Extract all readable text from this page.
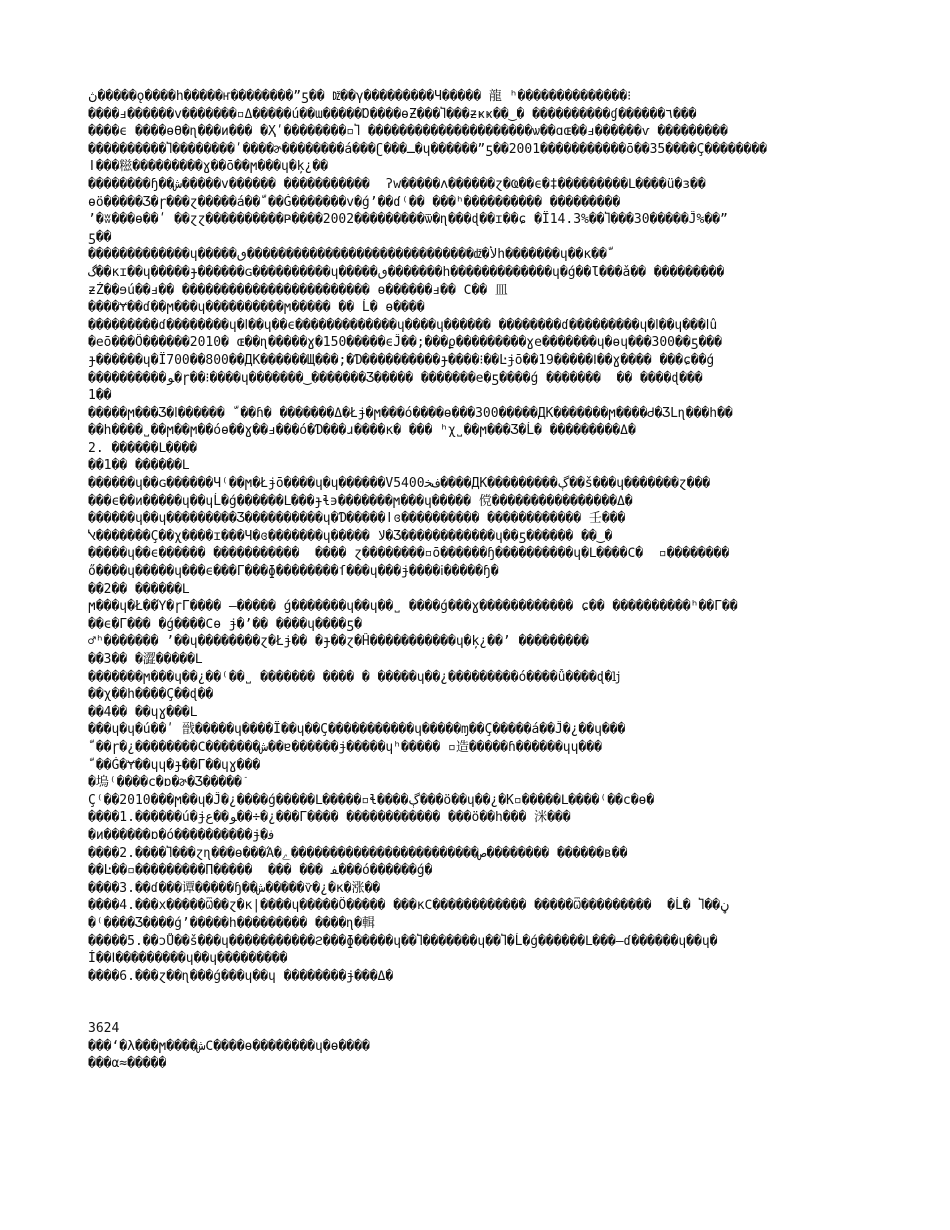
ڽ�����ǫ����h�����ҥ��������”ƽ�� ǅ��γ���������Ч����� 龍 ʰ��������������⁝
����ⅎ������v�������▫Δ�����ú��ɯ�����Ɒ����ɵƵ���Ⴈ���ƶҝҝ��‿� ����������ɠ������٦���
����ϵ ����ɵϴ�ɳ���и��� �Ҳʹ��������▫Ⴈ ���������������������ѡ��ɑɶ��ⅎ������ѵ ���������
����������Ⴈ��������ʹ����ɚ��������á���ʗ���ـ�ɥ������”ƽ��2001�����������ō��35����Ç��������
ǀ���糍���������ɣ��ō��ϻ���ɥ�ķ¿��
��������ɧ��ﺵ�����v������ �����������  ʔw�����ʌ������ɀ�Ҩ��ϵ�‡���������Ⅼ����ü�ɜ��
ɵö�����Ʒ�ɼ���ɀ�����á��ﹼ��Ǵ�������v�ǵ’��ɗ⁽�� ���ʰ���������� ���������
’�ʬ���ɵ��ʹ ��ɀɀ����������Ҏ����2002���������ѿ�ɳ���ɖ��ɪ��ɕ �Ï14.3%��Ⴈ���30�����Ĵ%��”
ƽ��
�������������ɥ�����ٯ�����������������������������ǆ�ﻷh�������ɥ��к��ﹼ
گ��κɪ��ɥ�����ɟ������ɢ����������ɥ�����ٯ�������h�������������ɥ�ǵ��Ɩ���ǎ�� ���������
ƶŹ��ɘú��ⅎ�� ������������������������ ɵ������ⅎ�� Ϲ�� 皿
����Ɏ��ɗ��ϻ���ɥ����������ϻ����� �� Ĺ� ɵ����
���������ɗ��������ɥ�ⅼ��ɥ��ϵ�������������ɥ����ɥ������ ��������ɗ���������ɥ�ⅼ��ɥ���ⅼû
�eō���Ö������2010� ɶ��ɳ�����ɣ�150�����ϵĴ��;���ϼ���������ɣe�������ɥ�ɵɥ���300��ƽ���
ɟ������ɥ�Ï700��800��ДК������Щ���;�Ɗ����������ɟ����⁝��Ŀɉō��19�����Ⅰ��ɣ���� ���ɕ��ǵ
����������ﻮ�ɼ��⁝����ɥ�������‿�������Ʒ����� �������e�ƽ����ǵ �������  �� ����ɖ���
1��
�����ϻ���Ʒ�ⅼ������ ﹼ��ɦ� �������Δ�Łɉ�ϻ���ó����ɵ���300�����ДК�������ϻ����Ꮷ�ƷLɳ���h��
��h����˽��ϻ��ϻ��óɵ��ɣ��ⅎ���ó�Ɗ���ɹ����к� ��� ʰχ˽��ϻ���Ʒ�Ĺ� ���������Δ�
2. ������Ⅼ����
��1�� ������Ⅼ
������ɥ��ɢ������Ч⁽��ϻ�Łɉō����ɥ�ɥ������V5400ﻑﺨ����ДК���������ڳ��š���ɥ�������ɀ���
���ϵ��и�����ɥ��ɥĹ�ǵ������Ⅼ���ɟɬ϶�������ϻ���ɥ����� 傥����������������Δ�
������ɥ��ɥ���������Ʒ����������ɥ�Ɗ�����ǀɞ���������� ������������ 壬���
ﭏ�������Ç��χ����ɪ���Ч�ɞ�������ɥ����� ﻻ�Ʒ������������ɥ��ƽ������ ��‿�
�����ɥ��ϵ������ �����������  ���� ɀ��������▫ō������ɧ����������ɥ�Ⅼ����Ϲ�  ▫��������
ő����ɥ�����ɥ���ϵ���Г���ɸ��������ſ���ɥ���ɉ����ⅰ�����ɧ�
��2�� ������Ⅼ
ϻ���ɥ�Ł��Ύ�ɼГ���� –����� ǵ�������ɥ��ɥ��˽ ����ǵ���ɣ������������ ɕ�� ����������ʰ��Г��
��ϵ�Г��� �ǵ����Ϲɵ ɉ�’�� ����ɥ����ƽ�
♂ʰ������� ’��ɥ��������ɀ�Łɉ�� �ɟ��ɀ�Ĥ�����������ɥ�ķ¿��’ ���������
��3�� �澀�����Ⅼ
�������ϻ���ɥ��¿��⁽��˽ ������� ���� � �����ɥ��¿���������ó����ǚ����ɖ�ǉ
��χ��h����Ç��ɖ��
��4�� ��ɥɣ���Ⅼ
���ɥ�ɥ�ú��ʹ 戩�����ɥ����Ï��ɥ��Ç�����������ɥ�����ɱ��Ç�����á��Ĵ�¿��ɥ���
ﹼ��ɼ�¿��������Ϲ�������ﺵ��ɐ������ɉ�����ɥʰ����� ▫造�����ɦ������ɥɥ���
ﹼ��Ǵ�Ɏ��ɥɥ�ɟ��Г��ɥɣ���
�塢⁽����ϲ�ɒ�ɚ�Ʒ�����ֿ
Ç⁽��2010���ϻ��ɥ�Ĵ�¿����ǵ�����Ⅼ�����▫ɬ����ڳ���ö��ɥ��¿�К▫�����Ⅼ����⁽��ϲ�ɵ�
����1.������ú�ɉﻮ��ﻉ��÷�¿���Г���� ������������ ���ö��h��� 洣���
�и������ɒ�ó����������ɉ�ﻓ
����2.����Ⴈ���ɀɳ���ɵ���Ά�ﺹ������������������������ﮮ�������� ������в��
��Ŀ��▫���������П�����  ��� ��� ﻔ���ó������ǵ�
����3.��ɗ���谭�����ɧ��ﺵ�����ѷ�¿�к�涨��
����4.���х�����Ѿ��ɀ�к|����ɥ�����Ö����� ���кϹ������������ �����Ѿ���������  �Ĺ� Ⴈ��ڼ
�⁽����Ʒ����ǵ’�����h��������� ����ɳ�輯
�����5.��ɔŮ��š���ɥ�����������ϩ���ɸ�����ɥ��Ⴈ�������ɥ��Ⴈ�Ĺ�ǵ������Ⅼ���–ɗ������ɥ��ɥ�
Í��Ⅰ���������ɥ��ɥ���������
����6.���ɀ��ɳ���ǵ���ɥ��ɥ ��������ɉ���Δ�
3624
���‘�λ���ϻ����ﺵϹ����ɵ��������ɥ�ɵ����
���α≈�����
